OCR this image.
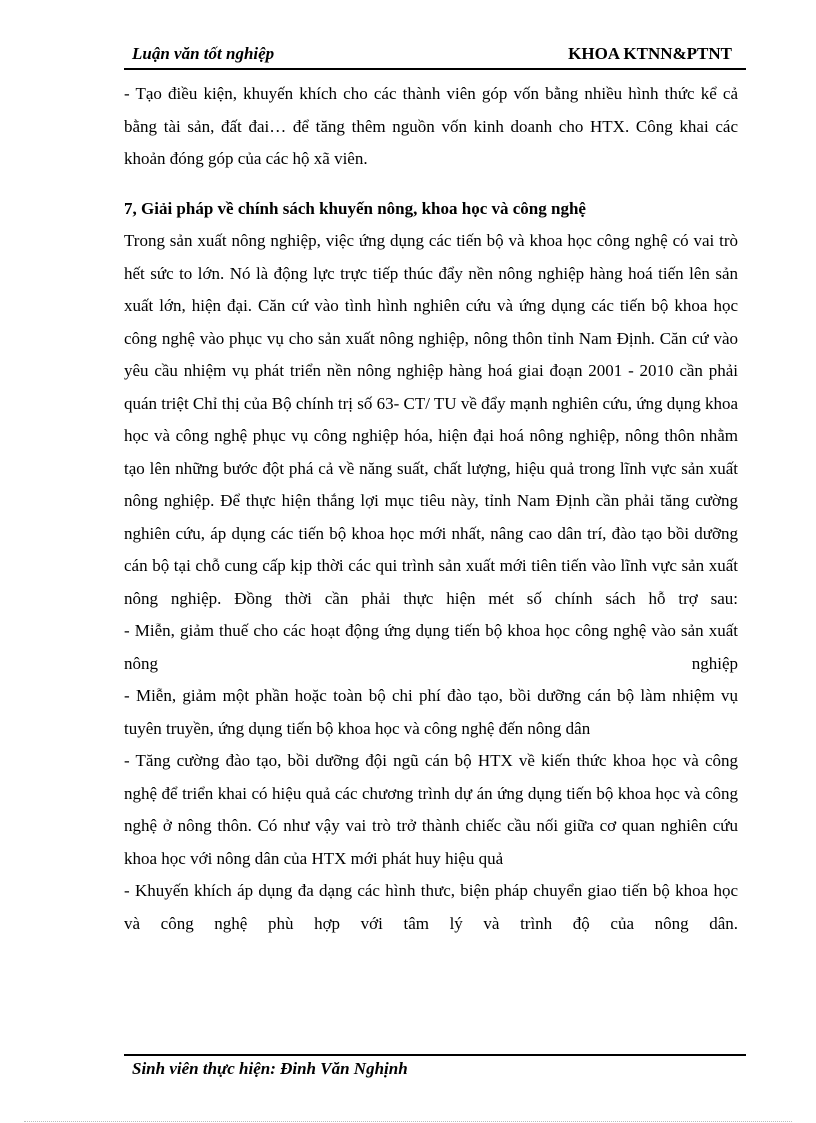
Luận văn tốt nghiệp	KHOA KTNN&PTNT

- Tạo điều kiện, khuyến khích cho các thành viên góp vốn bằng nhiều hình thức kể cả bằng tài sản, đất đai… để tăng thêm nguồn vốn kinh doanh cho HTX. Công khai các khoản đóng góp của các hộ xã viên.

7, Giải pháp về chính sách khuyến nông, khoa học và công nghệ

Trong sản xuất nông nghiệp, việc ứng dụng các tiến bộ và khoa học công nghệ có vai trò hết sức to lớn. Nó là động lực trực tiếp thúc đẩy nền nông nghiệp hàng hoá tiến lên sản xuất lớn, hiện đại. Căn cứ vào tình hình nghiên cứu và ứng dụng các tiến bộ khoa học công nghệ vào phục vụ cho sản xuất nông nghiệp, nông thôn tỉnh Nam Định. Căn cứ vào yêu cầu nhiệm vụ phát triển nền nông nghiệp hàng hoá giai đoạn 2001 - 2010 cần phải quán triệt Chỉ thị của Bộ chính trị số 63- CT/ TU về đẩy mạnh nghiên cứu, ứng dụng khoa học và công nghệ phục vụ công nghiệp hóa, hiện đại hoá nông nghiệp, nông thôn nhằm tạo lên những bước đột phá cả về năng suất, chất lượng, hiệu quả trong lĩnh vực sản xuất nông nghiệp. Để thực hiện thắng lợi mục tiêu này, tỉnh Nam Định cần phải tăng cường nghiên cứu, áp dụng các tiến bộ khoa học mới nhất, nâng cao dân trí, đào tạo bồi dưỡng cán bộ tại chỗ cung cấp kịp thời các qui trình sản xuất mới tiên tiến vào lĩnh vực sản xuất nông nghiệp. Đồng thời cần phải thực hiện mét số chính sách hỗ trợ sau:

- Miễn, giảm thuế cho các hoạt động ứng dụng tiến bộ khoa học công nghệ vào sản xuất nông nghiệp

- Miễn, giảm một phần hoặc toàn bộ chi phí đào tạo, bồi dưỡng cán bộ làm nhiệm vụ tuyên truyền, ứng dụng tiến bộ khoa học và công nghệ đến nông dân

- Tăng cường đào tạo, bồi dưỡng đội ngũ cán bộ HTX về kiến thức khoa học và công nghệ để triển khai có hiệu quả các chương trình dự án ứng dụng tiến bộ khoa học và công nghệ ở nông thôn. Có như vậy vai trò trở thành chiếc cầu nối giữa cơ quan nghiên cứu khoa học với nông dân của HTX mới phát huy hiệu quả

- Khuyến khích áp dụng đa dạng các hình thưc, biện pháp chuyển giao tiến bộ khoa học và công nghệ phù hợp với tâm lý và trình độ của nông dân.

Sinh viên thực hiện: Đinh Văn Nghịnh
